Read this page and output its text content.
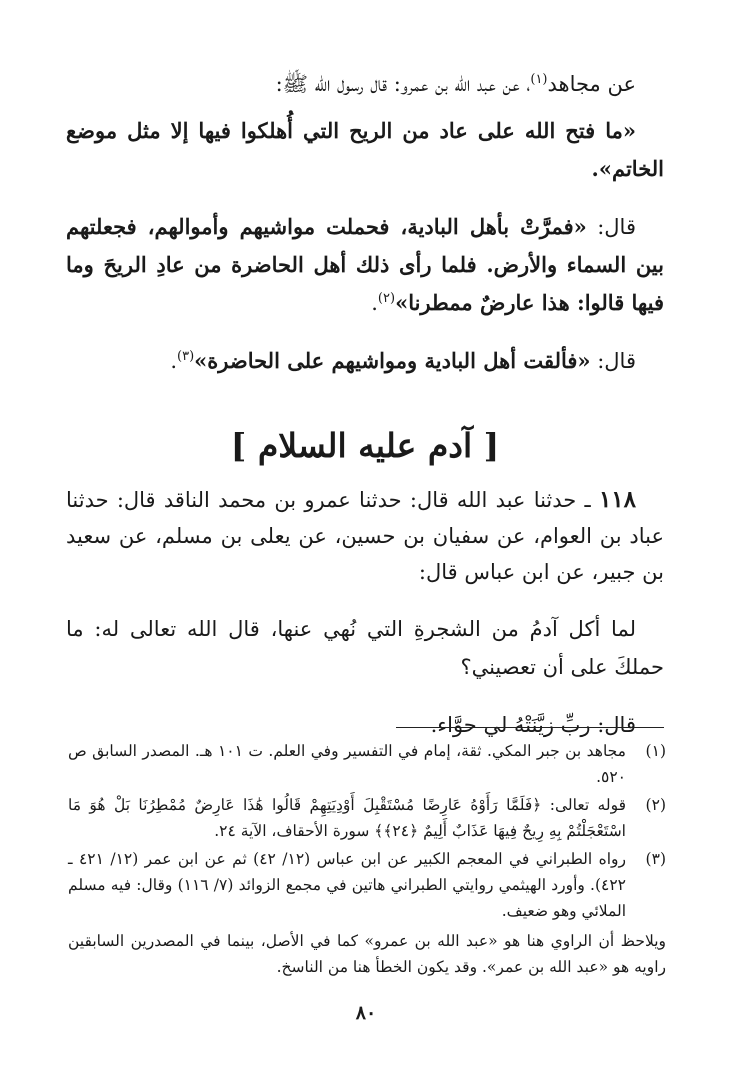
عن مجاهد$^{(١)}$، عن عبد الله بن عمرو: قال رسول الله ﷺ:

«ما فتح الله على عاد من الريح التي أُهلكوا فيها إلا مثل موضع الخاتم».

قال: «فمرَّتْ بأهل البادية، فحملت مواشيهم وأموالهم، فجعلتهم بين السماء والأرض. فلما رأى ذلك أهل الحاضرة من عادِ الريحَ وما فيها قالوا: هذا عارضٌ ممطرنا»$^{(٢)}$.

قال: «فألقت أهل البادية ومواشيهم على الحاضرة»$^{(٣)}$.

[ آدم عليه السلام ]

١١٨ ـ حدثنا عبد الله قال: حدثنا عمرو بن محمد الناقد قال: حدثنا عباد بن العوام، عن سفيان بن حسين، عن يعلى بن مسلم، عن سعيد بن جبير، عن ابن عباس قال:

لما أكل آدمُ من الشجرةِ التي نُهي عنها، قال الله تعالى له: ما حملكَ على أن تعصيني؟

قال: ربِّ زيَّنَتْهُ لي حوَّاء.

(١)
مجاهد بن جبر المكي. ثقة، إمام في التفسير وفي العلم. ت ١٠١ هـ. المصدر السابق ص ٥٢٠.
(٢)
قوله تعالى: ﴿فَلَمَّا رَأَوْهُ عَارِضًا مُسْتَقْبِلَ أَوْدِيَتِهِمْ قَالُوا هَٰذَا عَارِضٌ مُمْطِرُنَا بَلْ هُوَ مَا اسْتَعْجَلْتُمْ بِهِ رِيحٌ فِيهَا عَذَابٌ أَلِيمٌ ﴿٢٤﴾﴾ سورة الأحقاف، الآية ٢٤.
(٣)
رواه الطبراني في المعجم الكبير عن ابن عباس (١٢/ ٤٢) ثم عن ابن عمر (١٢/ ٤٢١ ـ ٤٢٢). وأورد الهيثمي روايتي الطبراني هاتين في مجمع الزوائد (٧/ ١١٦) وقال: فيه مسلم الملائي وهو ضعيف.
ويلاحظ أن الراوي هنا هو «عبد الله بن عمرو» كما في الأصل، بينما في المصدرين السابقين راويه هو «عبد الله بن عمر». وقد يكون الخطأ هنا من الناسخ.
٨٠
